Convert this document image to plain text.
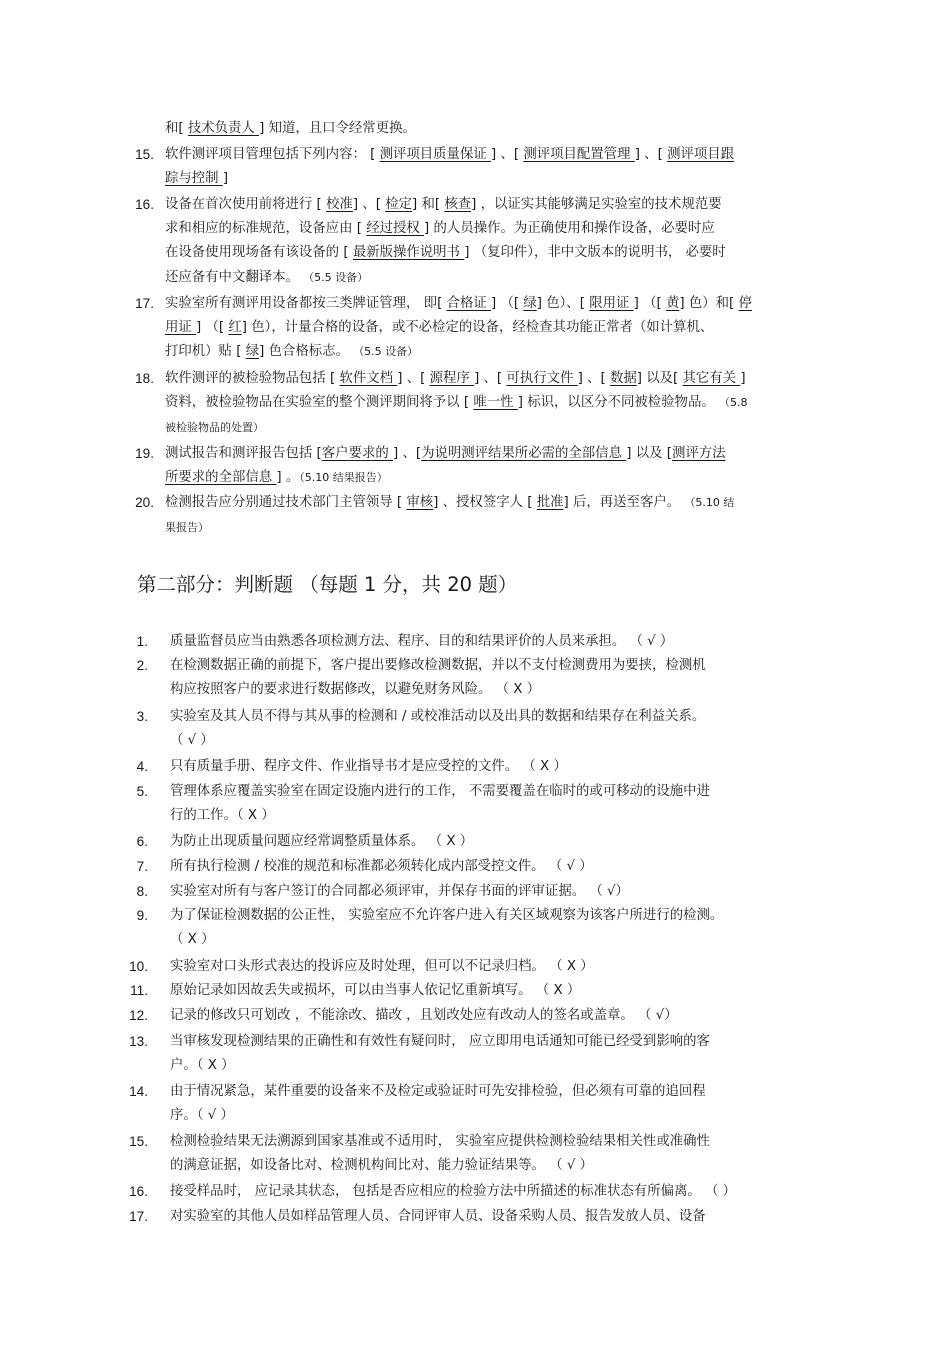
和[ 技术负责人 ] 知道，且口令经常更换。
15. 软件测评项目管理包括下列内容： [ 测评项目质量保证 ] 、[ 测评项目配置管理 ] 、[ 测评项目跟
踪与控制 ]
16. 设备在首次使用前将进行 [ 校准] 、[ 检定] 和[ 核查] ，以证实其能够满足实验室的技术规范要
求和相应的标准规范，设备应由 [ 经过授权 ] 的人员操作。为正确使用和操作设备，必要时应
在设备使用现场备有该设备的 [ 最新版操作说明书 ] （复印件），非中文版本的说明书， 必要时
还应备有中文翻译本。 （5.5 设备）
17. 实验室所有测评用设备都按三类牌证管理， 即[ 合格证 ] （[ 绿] 色）、[ 限用证 ] （[ 黄] 色）和[ 停
用证 ] （[ 红] 色），计量合格的设备，或不必检定的设备，经检查其功能正常者（如计算机、
打印机）贴 [ 绿] 色合格标志。 （5.5 设备）
18. 软件测评的被检验物品包括 [ 软件文档 ] 、[ 源程序 ] 、[ 可执行文件 ] 、[ 数据] 以及[ 其它有关 ]
资料，被检验物品在实验室的整个测评期间将予以 [ 唯一性 ] 标识，以区分不同被检验物品。 （5.8
被检验物品的处置）
19. 测试报告和测评报告包括 [客户要求的 ] 、[为说明测评结果所必需的全部信息 ] 以及 [测评方法
所要求的全部信息 ] 。（5.10 结果报告）
20. 检测报告应分别通过技术部门主管领导 [ 审核] 、授权签字人 [ 批准] 后，再送至客户。 （5.10 结
果报告）
第二部分：判断题 （每题 1 分，共 20 题）
1. 质量监督员应当由熟悉各项检测方法、程序、目的和结果评价的人员来承担。 （ √ ）
2. 在检测数据正确的前提下，客户提出要修改检测数据，并以不支付检测费用为要挟，检测机
构应按照客户的要求进行数据修改，以避免财务风险。 （ X ）
3. 实验室及其人员不得与其从事的检测和 / 或校准活动以及出具的数据和结果存在利益关系。
（ √ ）
4. 只有质量手册、程序文件、作业指导书才是应受控的文件。 （ X ）
5. 管理体系应覆盖实验室在固定设施内进行的工作， 不需要覆盖在临时的或可移动的设施中进
行的工作。（ X ）
6. 为防止出现质量问题应经常调整质量体系。 （ X ）
7. 所有执行检测 / 校准的规范和标准都必须转化成内部受控文件。 （ √ ）
8. 实验室对所有与客户签订的合同都必须评审，并保存书面的评审证据。 （ √）
9. 为了保证检测数据的公正性， 实验室应不允许客户进入有关区域观察为该客户所进行的检测。
（ X ）
10. 实验室对口头形式表达的投诉应及时处理，但可以不记录归档。 （ X ）
11. 原始记录如因故丢失或损坏，可以由当事人依记忆重新填写。 （ X ）
12. 记录的修改只可划改 ，不能涂改、描改 ，且划改处应有改动人的签名或盖章。 （ √）
13. 当审核发现检测结果的正确性和有效性有疑问时， 应立即用电话通知可能已经受到影响的客
户。（ X ）
14. 由于情况紧急，某件重要的设备来不及检定或验证时可先安排检验，但必须有可靠的追回程
序。（ √ ）
15. 检测检验结果无法溯源到国家基准或不适用时， 实验室应提供检测检验结果相关性或准确性
的满意证据，如设备比对、检测机构间比对、能力验证结果等。 （ √ ）
16. 接受样品时， 应记录其状态， 包括是否应相应的检验方法中所描述的标准状态有所偏离。 （ ）
17. 对实验室的其他人员如样品管理人员、合同评审人员、设备采购人员、报告发放人员、设备
